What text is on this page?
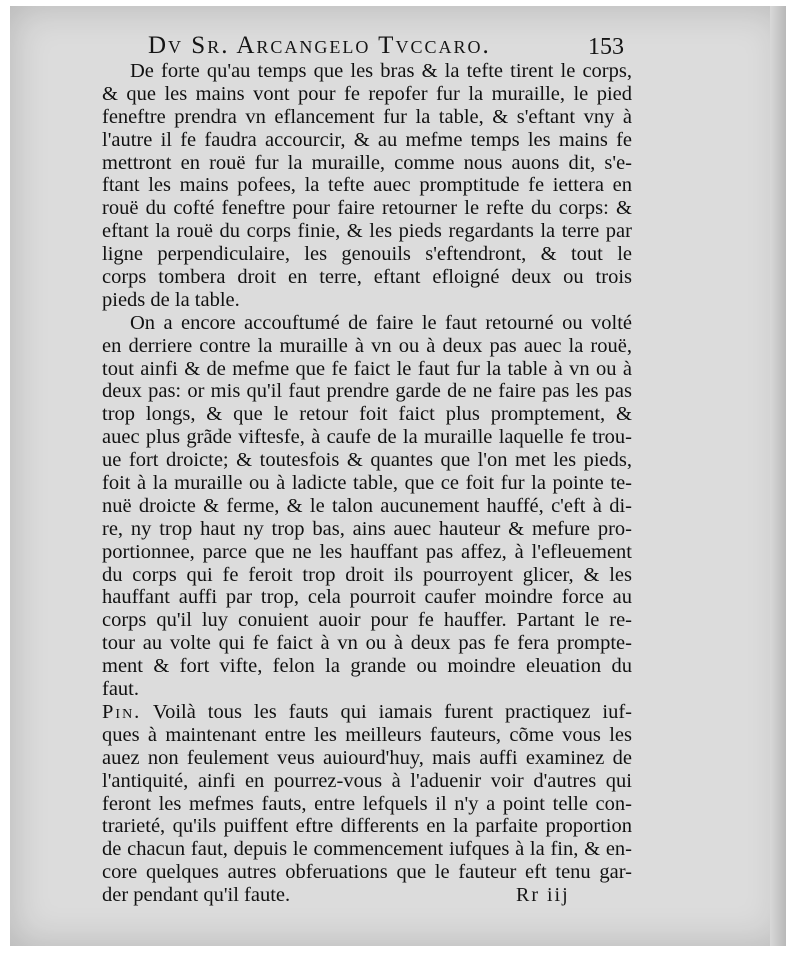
Dv Sr. Arcangelo Tvccaro.	153
De forte qu'au temps que les bras & la tefte tirent le corps,
& que les mains vont pour fe repofer fur la muraille, le pied
feneftre prendra vn eflancement fur la table, & s'eftant vny à
l'autre il fe faudra accourcir, & au mefme temps les mains fe
mettront en rouë fur la muraille, comme nous auons dit, s'e-
ftant les mains pofees, la tefte auec promptitude fe iettera en
rouë du cofté feneftre pour faire retourner le refte du corps: &
eftant la rouë du corps finie, & les pieds regardants la terre par
ligne perpendiculaire, les genouils s'eftendront, & tout le
corps tombera droit en terre, eftant efloigné deux ou trois
pieds de la table.
On a encore accouftumé de faire le faut retourné ou volté
en derriere contre la muraille à vn ou à deux pas auec la rouë,
tout ainfi & de mefme que fe faict le faut fur la table à vn ou à
deux pas: or mis qu'il faut prendre garde de ne faire pas les pas
trop longs, & que le retour foit faict plus promptement, &
auec plus grãde viftesfe, à caufe de la muraille laquelle fe trou-
ue fort droicte; & toutesfois & quantes que l'on met les pieds,
foit à la muraille ou à ladicte table, que ce foit fur la pointe te-
nuë droicte & ferme, & le talon aucunement hauffé, c'eft à di-
re, ny trop haut ny trop bas, ains auec hauteur & mefure pro-
portionnee, parce que ne les hauffant pas affez, à l'efleuement
du corps qui fe feroit trop droit ils pourroyent glicer, & les
hauffant auffi par trop, cela pourroit caufer moindre force au
corps qu'il luy conuient auoir pour fe hauffer. Partant le re-
tour au volte qui fe faict à vn ou à deux pas fe fera prompte-
ment & fort vifte, felon la grande ou moindre eleuation du
faut.
Pin. Voilà tous les fauts qui iamais furent practiquez iuf-
ques à maintenant entre les meilleurs fauteurs, cõme vous les
auez non feulement veus auiourd'huy, mais auffi examinez de
l'antiquité, ainfi en pourrez-vous à l'aduenir voir d'autres qui
feront les mefmes fauts, entre lefquels il n'y a point telle con-
trarieté, qu'ils puiffent eftre differents en la parfaite proportion
de chacun faut, depuis le commencement iufques à la fin, & en-
core quelques autres obferuations que le fauteur eft tenu gar-
der pendant qu'il faute.	Rr iij
